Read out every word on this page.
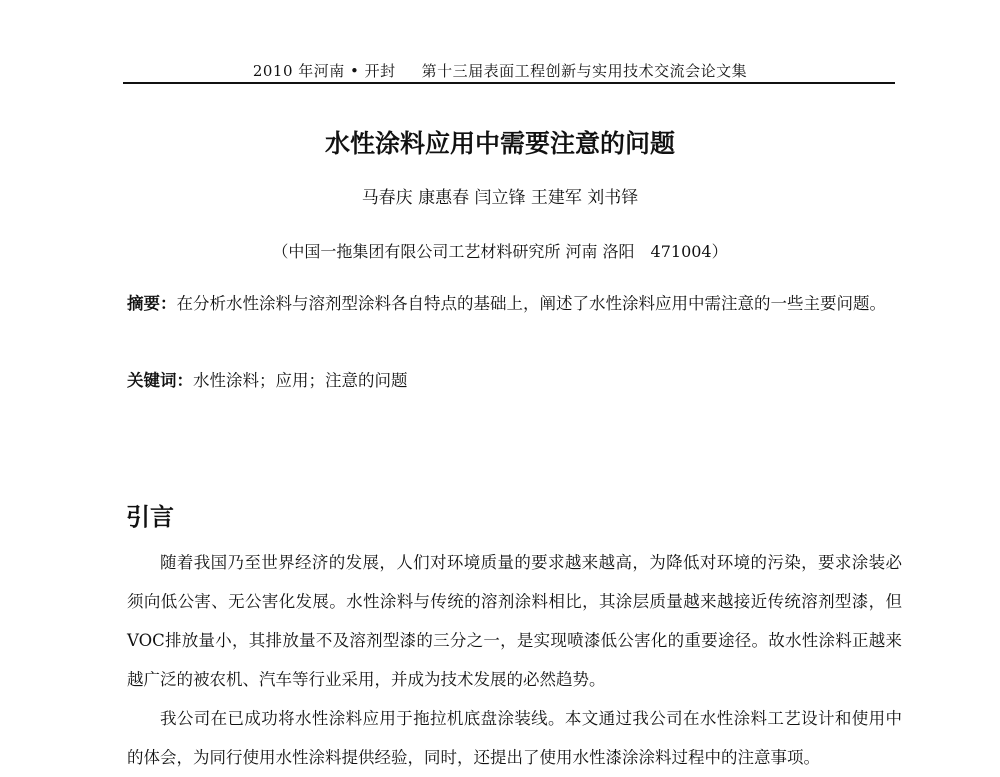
2010 年河南 • 开封 第十三届表面工程创新与实用技术交流会论文集
水性涂料应用中需要注意的问题
马春庆 康惠春 闫立锋 王建军 刘书铎
（中国一拖集团有限公司工艺材料研究所 河南 洛阳　471004）
摘要：在分析水性涂料与溶剂型涂料各自特点的基础上，阐述了水性涂料应用中需注意的一些主要问题。
关键词：水性涂料；应用；注意的问题
引言

随着我国乃至世界经济的发展，人们对环境质量的要求越来越高，为降低对环境的污染，要求涂装必须向低公害、无公害化发展。水性涂料与传统的溶剂涂料相比，其涂层质量越来越接近传统溶剂型漆，但VOC排放量小，其排放量不及溶剂型漆的三分之一，是实现喷漆低公害化的重要途径。故水性涂料正越来越广泛的被农机、汽车等行业采用，并成为技术发展的必然趋势。

我公司在已成功将水性涂料应用于拖拉机底盘涂装线。本文通过我公司在水性涂料工艺设计和使用中的体会，为同行使用水性涂料提供经验，同时，还提出了使用水性漆涂涂料过程中的注意事项。
